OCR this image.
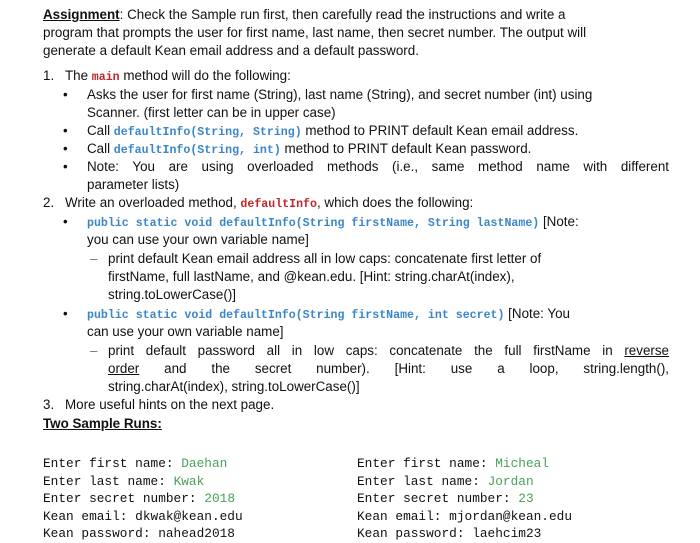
Assignment: Check the Sample run first, then carefully read the instructions and write a
program that prompts the user for first name, last name, then secret number. The output will
generate a default Kean email address and a default password.
1. The main method will do the following:
• Asks the user for first name (String), last name (String), and secret number (int) using
Scanner. (first letter can be in upper case)
• Call defaultInfo(String, String) method to PRINT default Kean email address.
• Call defaultInfo(String, int) method to PRINT default Kean password.
• Note: You are using overloaded methods (i.e., same method name with different
parameter lists)
2. Write an overloaded method, defaultInfo, which does the following:
• public static void defaultInfo(String firstName, String lastName) [Note:
you can use your own variable name]
– print default Kean email address all in low caps: concatenate first letter of
firstName, full lastName, and @kean.edu. [Hint: string.charAt(index),
string.toLowerCase()]
• public static void defaultInfo(String firstName, int secret) [Note: You
can use your own variable name]
– print default password all in low caps: concatenate the full firstName in reverse
order and the secret number). [Hint: use a loop, string.length(),
string.charAt(index), string.toLowerCase()]
3. More useful hints on the next page.
Two Sample Runs:
Enter first name: Daehan
Enter last name: Kwak
Enter secret number: 2018
Kean email: dkwak@kean.edu
Kean password: nahead2018
Enter first name: Micheal
Enter last name: Jordan
Enter secret number: 23
Kean email: mjordan@kean.edu
Kean password: laehcim23
